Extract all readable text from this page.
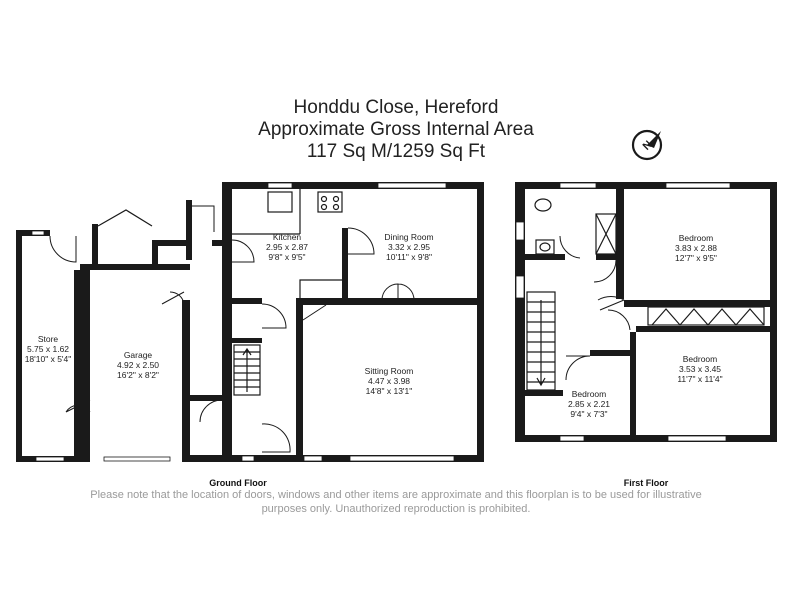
Honddu Close, Hereford
Approximate Gross Internal Area
117 Sq M/1259 Sq Ft	N
Store
5.75 x 1.62
18'10" x 5'4"	Garage
4.92 x 2.50
16'2" x 8'2"
Kitchen
2.95 x 2.87
9'8" x 9'5"
Dining Room
3.32 x 2.95
10'11" x 9'8"
Sitting Room
4.47 x 3.98
14'8" x 13'1"
Bedroom
3.83 x 2.88
12'7" x 9'5"
Bedroom
3.53 x 3.45
11'7" x 11'4"
Bedroom
2.85 x 2.21
9'4" x 7'3"
Ground Floor	First Floor
Please note that the location of doors, windows and other items are approximate and this floorplan is to be used for illustrative
purposes only. Unauthorized reproduction is prohibited.
